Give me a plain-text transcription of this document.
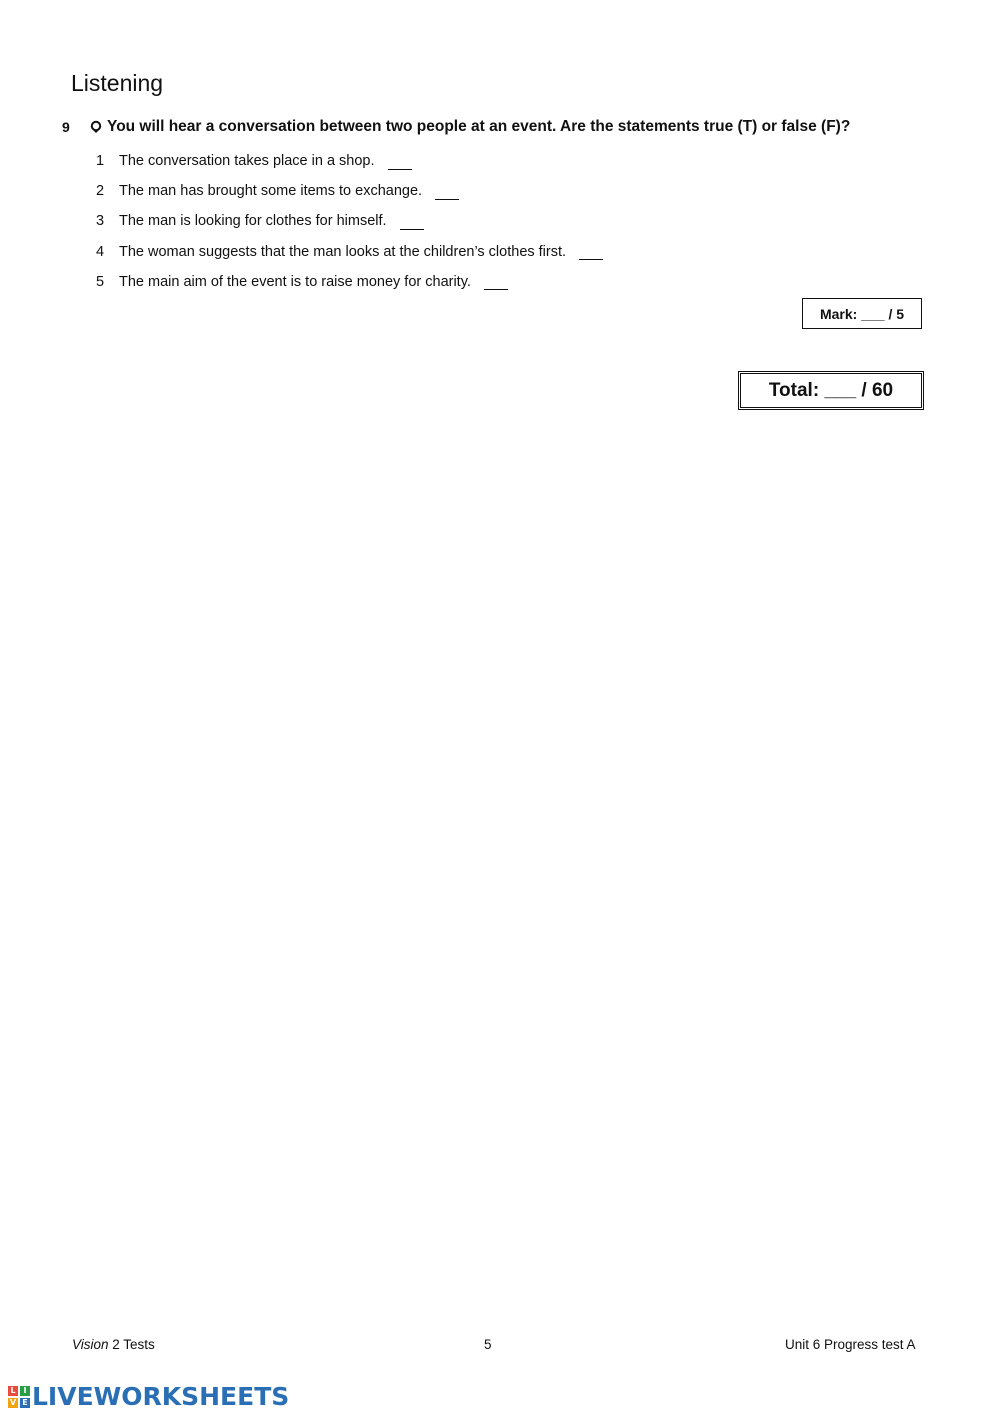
Listening
9	You will hear a conversation between two people at an event. Are the statements true (T) or false (F)?
1	The conversation takes place in a shop.
2	The man has brought some items to exchange.
3	The man is looking for clothes for himself.
4	The woman suggests that the man looks at the children’s clothes first.
5	The main aim of the event is to raise money for charity.
Mark: ___ / 5
Total: ___ / 60
Vision 2 Tests	5	Unit 6 Progress test A
L I
V E LIVEWORKSHEETS
